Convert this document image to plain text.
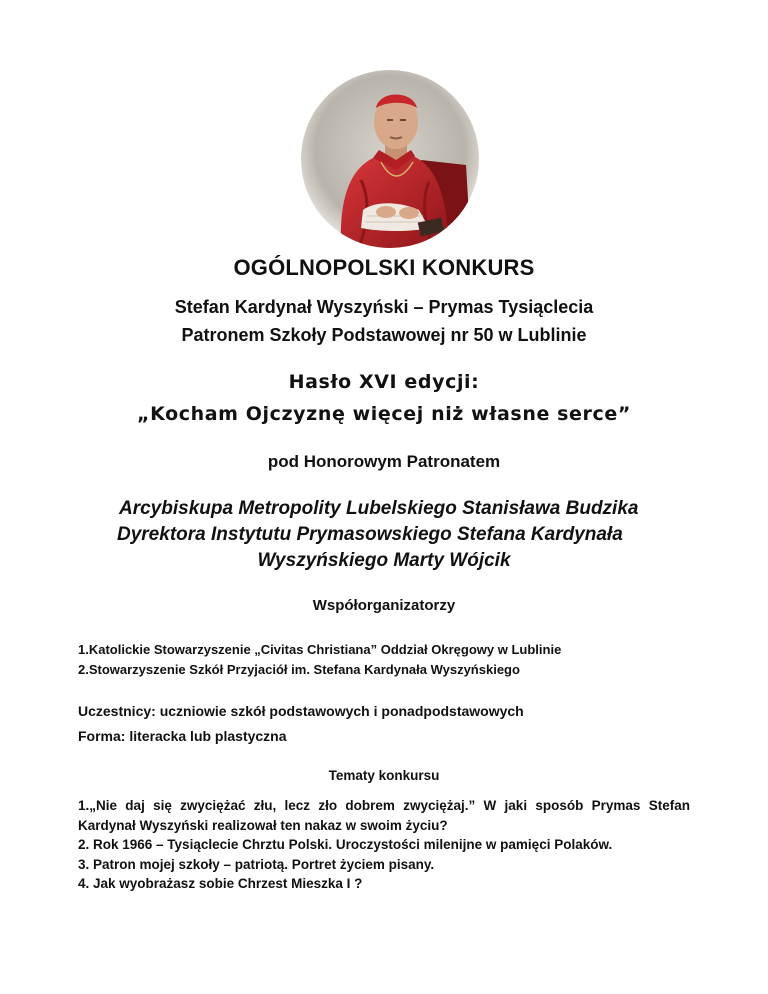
OGÓLNOPOLSKI KONKURS
Stefan Kardynał Wyszyński – Prymas Tysiąclecia
Patronem Szkoły Podstawowej nr 50 w Lublinie
Hasło XVI edycji:
„Kocham Ojczyznę więcej niż własne serce”
pod Honorowym Patronatem
Arcybiskupa Metropolity Lubelskiego Stanisława Budzika
Dyrektora Instytutu Prymasowskiego Stefana Kardynała
Wyszyńskiego Marty Wójcik
Współorganizatorzy
1.Katolickie Stowarzyszenie „Civitas Christiana” Oddział Okręgowy w Lublinie
2.Stowarzyszenie Szkół Przyjaciół im. Stefana Kardynała Wyszyńskiego
Uczestnicy: uczniowie szkół podstawowych i ponadpodstawowych
Forma: literacka lub plastyczna
Tematy konkursu
1.„Nie daj się zwyciężać złu, lecz zło dobrem zwyciężaj.” W jaki sposób Prymas Stefan Kardynał Wyszyński realizował ten nakaz w swoim życiu?
2. Rok 1966 – Tysiąclecie Chrztu Polski. Uroczystości milenijne w pamięci Polaków.
3. Patron mojej szkoły – patriotą. Portret życiem pisany.
4. Jak wyobrażasz sobie Chrzest Mieszka I ?
